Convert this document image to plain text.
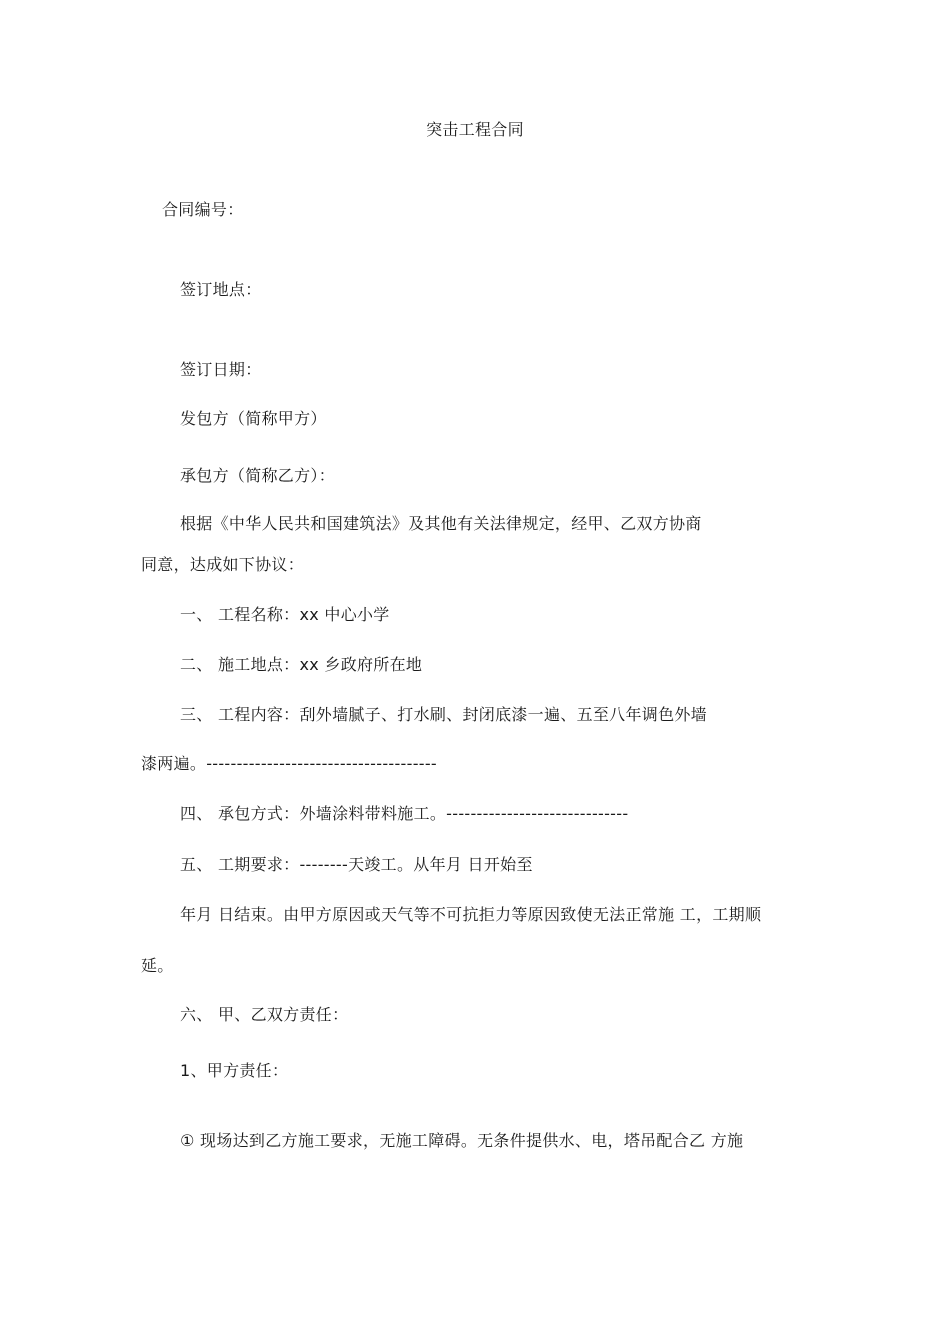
突击工程合同
合同编号：
签订地点：
签订日期：
发包方（简称甲方）
承包方（简称乙方）：
根据《中华人民共和国建筑法》及其他有关法律规定，经甲、乙双方协商
同意，达成如下协议：
一、 工程名称：xx 中心小学
二、 施工地点：xx 乡政府所在地
三、 工程内容：刮外墙腻子、打水刷、封闭底漆一遍、五至八年调色外墙
漆两遍。--------------------------------------
四、 承包方式：外墙涂料带料施工。------------------------------
五、 工期要求：--------天竣工。从年月 日开始至
年月 日结束。由甲方原因或天气等不可抗拒力等原因致使无法正常施 工，工期顺
延。
六、 甲、乙双方责任：
1、甲方责任：
① 现场达到乙方施工要求，无施工障碍。无条件提供水、电，塔吊配合乙 方施
